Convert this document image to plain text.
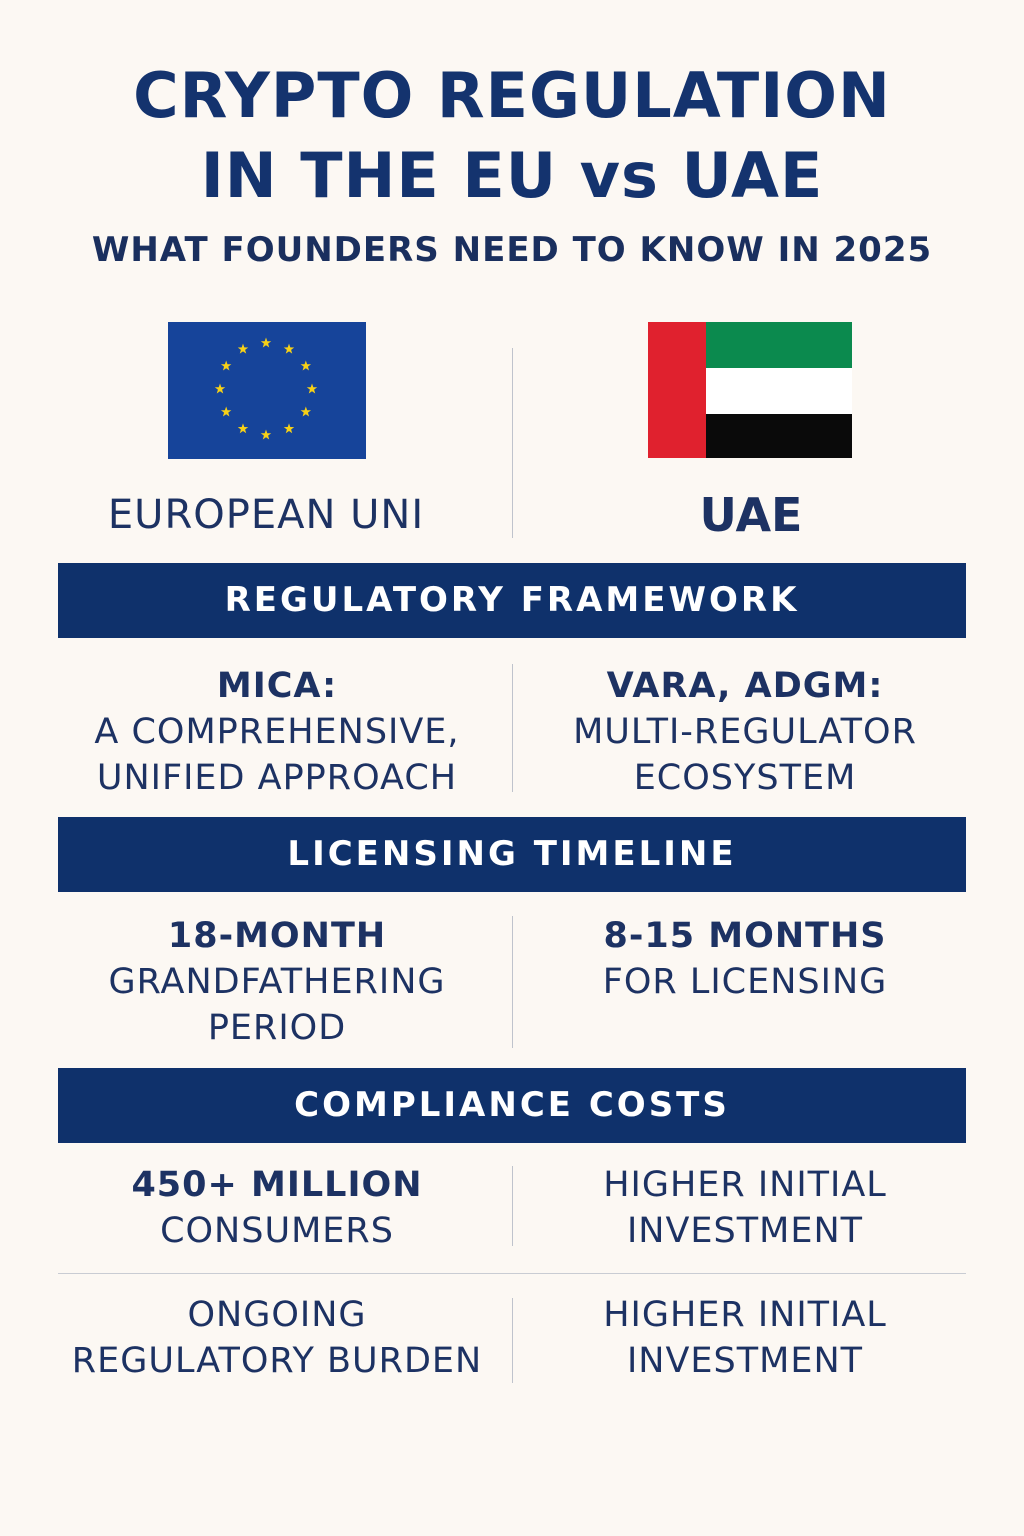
CRYPTO REGULATION
IN THE EU vs UAE
WHAT FOUNDERS NEED TO KNOW IN 2025
EUROPEAN UNI	UAE
REGULATORY FRAMEWORK
MICA:
A COMPREHENSIVE,
UNIFIED APPROACH
VARA, ADGM:
MULTI-REGULATOR
ECOSYSTEM
LICENSING TIMELINE
18-MONTH
GRANDFATHERING
PERIOD
8-15 MONTHS
FOR LICENSING
COMPLIANCE COSTS
450+ MILLION
CONSUMERS
HIGHER INITIAL
INVESTMENT
ONGOING
REGULATORY BURDEN
HIGHER INITIAL
INVESTMENT
